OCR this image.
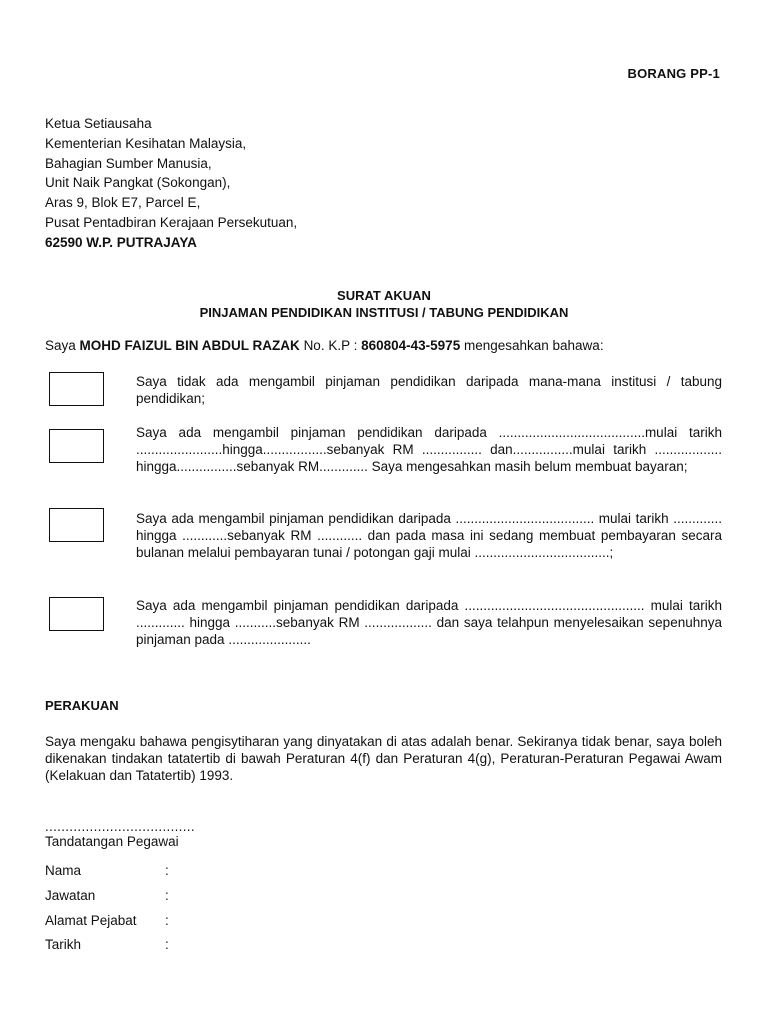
BORANG PP-1
Ketua Setiausaha
Kementerian Kesihatan Malaysia,
Bahagian Sumber Manusia,
Unit Naik Pangkat (Sokongan),
Aras 9, Blok E7, Parcel E,
Pusat Pentadbiran Kerajaan Persekutuan,
62590 W.P. PUTRAJAYA
SURAT AKUAN
PINJAMAN PENDIDIKAN INSTITUSI / TABUNG PENDIDIKAN
Saya MOHD FAIZUL BIN ABDUL RAZAK No. K.P : 860804-43-5975 mengesahkan bahawa:
Saya tidak ada mengambil pinjaman pendidikan daripada mana-mana institusi / tabung pendidikan;
Saya ada mengambil pinjaman pendidikan daripada .......................................mulai tarikh .......................hingga.................sebanyak RM ................ dan................mulai tarikh .................. hingga................sebanyak RM............. Saya mengesahkan masih belum membuat bayaran;
Saya ada mengambil pinjaman pendidikan daripada ..................................... mulai tarikh ............. hingga ............sebanyak RM ............ dan pada masa ini sedang membuat pembayaran secara bulanan melalui pembayaran tunai / potongan gaji mulai ....................................;
Saya ada mengambil pinjaman pendidikan daripada ................................................ mulai tarikh ............. hingga ...........sebanyak RM .................. dan saya telahpun menyelesaikan sepenuhnya pinjaman pada ......................
PERAKUAN
Saya mengaku bahawa pengisytiharan yang dinyatakan di atas adalah benar. Sekiranya tidak benar, saya boleh dikenakan tindakan tatatertib di bawah Peraturan 4(f) dan Peraturan 4(g), Peraturan-Peraturan Pegawai Awam (Kelakuan dan Tatatertib) 1993.
.....................................
Tandatangan Pegawai
Nama	:
Jawatan	:
Alamat Pejabat :
Tarikh	:
